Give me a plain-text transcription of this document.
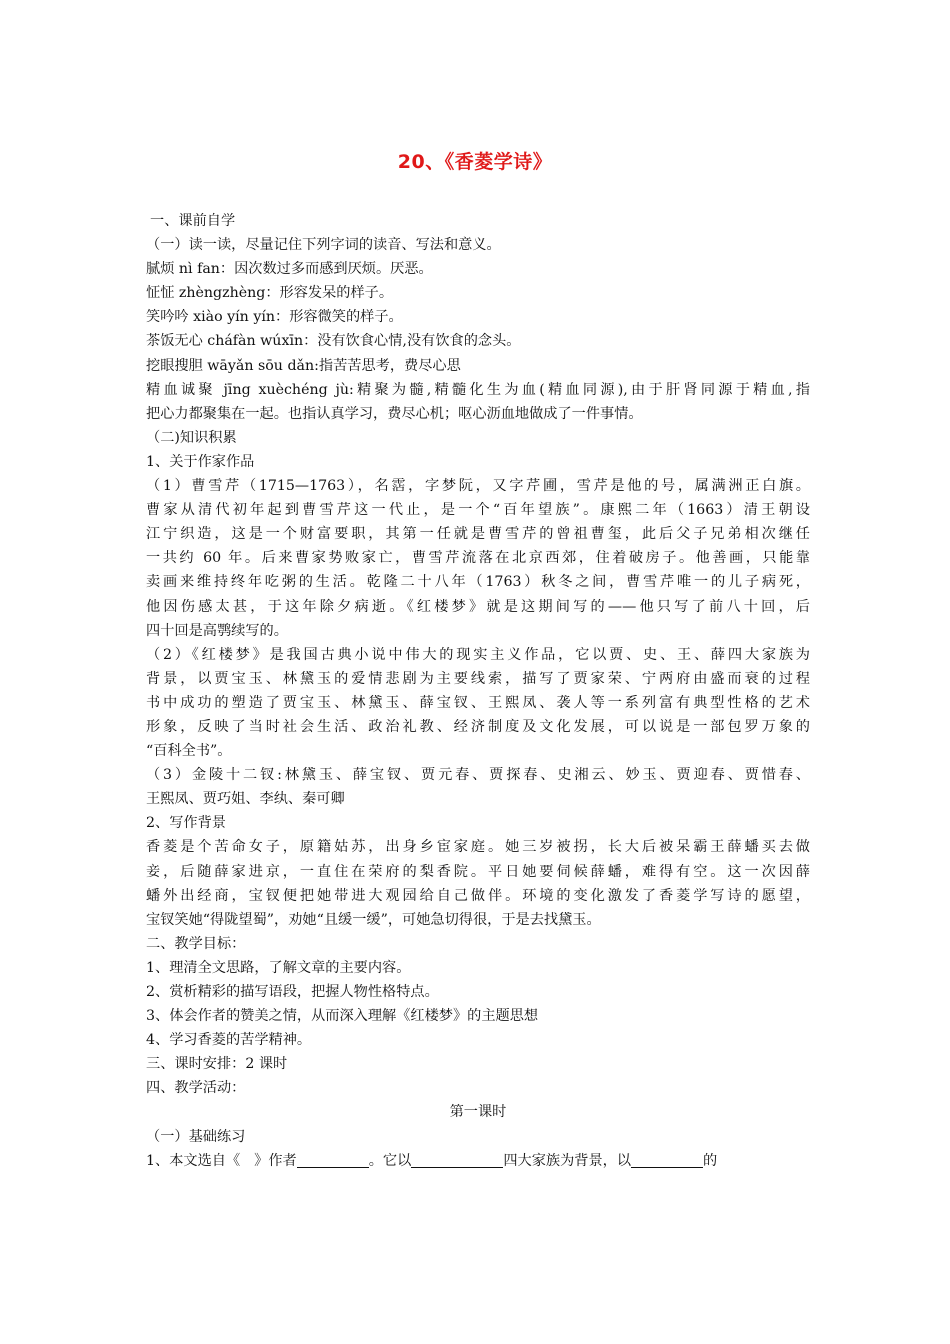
20、《香菱学诗》
一、课前自学
（一）读一读，尽量记住下列字词的读音、写法和意义。
腻烦 nì fan：因次数过多而感到厌烦。厌恶。
怔怔 zhèngzhèng：形容发呆的样子。
笑吟吟 xiào yín yín：形容微笑的样子。
茶饭无心 cháfàn wúxīn：没有饮食心情,没有饮食的念头。
挖眼搜胆 wāyǎn sōu dǎn:指苦苦思考，费尽心思
精血诚聚 jīng xuèchéng jù:精聚为髓,精髓化生为血(精血同源),由于肝肾同源于精血,指
把心力都聚集在一起。也指认真学习，费尽心机；呕心沥血地做成了一件事情。
（二)知识积累
1、关于作家作品
（1）曹雪芹（1715—1763），名霑，字梦阮，又字芹圃，雪芹是他的号，属满洲正白旗。
曹家从清代初年起到曹雪芹这一代止，是一个“百年望族”。康熙二年（1663）清王朝设
江宁织造，这是一个财富要职，其第一任就是曹雪芹的曾祖曹玺，此后父子兄弟相次继任
一共约 60 年。后来曹家势败家亡，曹雪芹流落在北京西郊，住着破房子。他善画，只能靠
卖画来维持终年吃粥的生活。乾隆二十八年（1763）秋冬之间，曹雪芹唯一的儿子病死，
他因伤感太甚，于这年除夕病逝。《红楼梦》就是这期间写的——他只写了前八十回，后
四十回是高鹗续写的。
（2）《红楼梦》是我国古典小说中伟大的现实主义作品，它以贾、史、王、薛四大家族为
背景，以贾宝玉、林黛玉的爱情悲剧为主要线索，描写了贾家荣、宁两府由盛而衰的过程
书中成功的塑造了贾宝玉、林黛玉、薛宝钗、王熙凤、袭人等一系列富有典型性格的艺术
形象，反映了当时社会生活、政治礼教、经济制度及文化发展，可以说是一部包罗万象的
“百科全书”。
（3）金陵十二钗:林黛玉、薛宝钗、贾元春、贾探春、史湘云、妙玉、贾迎春、贾惜春、
王熙凤、贾巧姐、李纨、秦可卿
2、写作背景
香菱是个苦命女子，原籍姑苏，出身乡宦家庭。她三岁被拐，长大后被呆霸王薛蟠买去做
妾，后随薛家进京，一直住在荣府的梨香院。平日她要伺候薛蟠，难得有空。这一次因薛
蟠外出经商，宝钗便把她带进大观园给自己做伴。环境的变化激发了香菱学写诗的愿望，
宝钗笑她“得陇望蜀”，劝她“且缓一缓”，可她急切得很，于是去找黛玉。
二、教学目标：
1、理清全文思路，了解文章的主要内容。
2、赏析精彩的描写语段，把握人物性格特点。
3、体会作者的赞美之情，从而深入理解《红楼梦》的主题思想
4、学习香菱的苦学精神。
三、课时安排：2 课时
四、教学活动：
第一课时
（一）基础练习
1、本文选自《 》作者	。它以	四大家族为背景，以	的
